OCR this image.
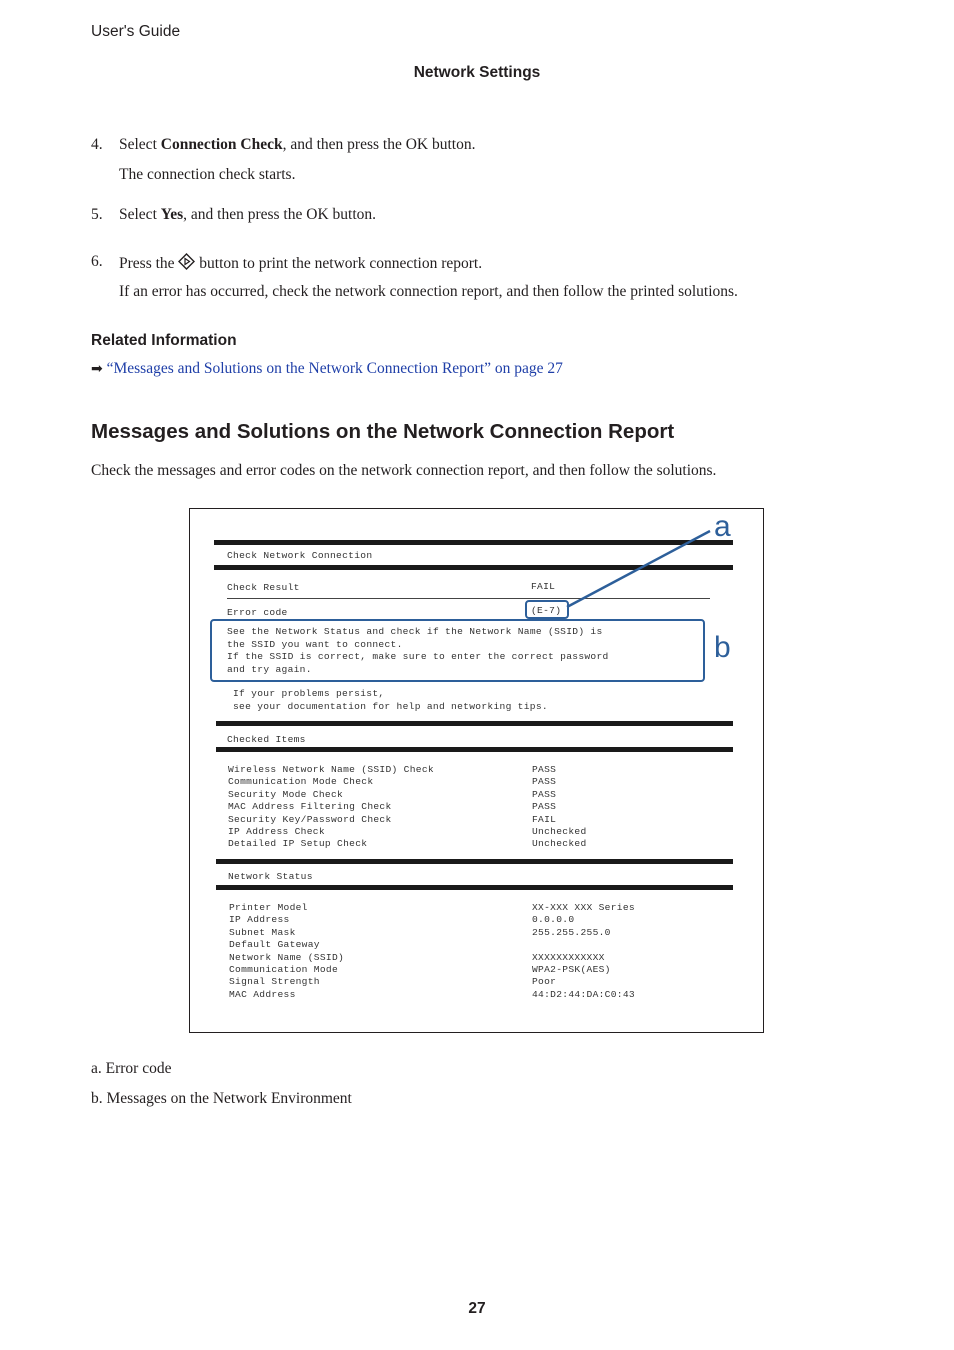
User's Guide
Network Settings
4. Select Connection Check, and then press the OK button.
The connection check starts.
5. Select Yes, and then press the OK button.
6. Press the  button to print the network connection report.
If an error has occurred, check the network connection report, and then follow the printed solutions.
Related Information
➡ “Messages and Solutions on the Network Connection Report” on page 27
Messages and Solutions on the Network Connection Report
Check the messages and error codes on the network connection report, and then follow the solutions.
Check Network Connection
Check Result	FAIL
Error code	(E-7)
See the Network Status and check if the Network Name (SSID) is
the SSID you want to connect.
If the SSID is correct, make sure to enter the correct password
and try again.
If your problems persist,
see your documentation for help and networking tips.
Checked Items
Wireless Network Name (SSID) Check	PASS
Communication Mode Check	PASS
Security Mode Check	PASS
MAC Address Filtering Check	PASS
Security Key/Password Check	FAIL
IP Address Check	Unchecked
Detailed IP Setup Check	Unchecked
Network Status
Printer Model	XX-XXX XXX Series
IP Address	0.0.0.0
Subnet Mask	255.255.255.0
Default Gateway
Network Name (SSID)	XXXXXXXXXXXX
Communication Mode	WPA2-PSK(AES)
Signal Strength	Poor
MAC Address	44:D2:44:DA:C0:43
a
b
a. Error code
b. Messages on the Network Environment
27
